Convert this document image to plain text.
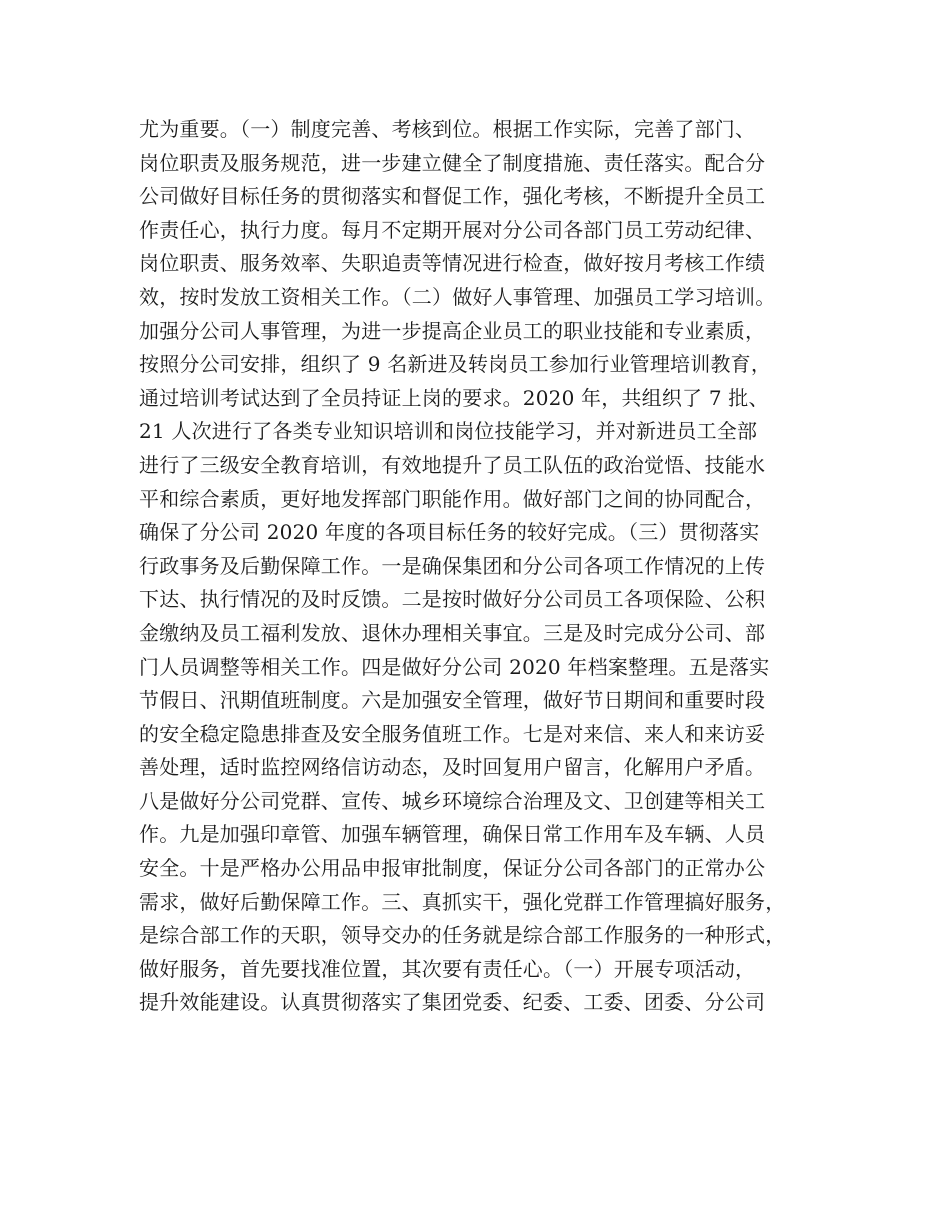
尤为重要。（一）制度完善、考核到位。根据工作实际，完善了部门、
岗位职责及服务规范，进一步建立健全了制度措施、责任落实。配合分
公司做好目标任务的贯彻落实和督促工作，强化考核，不断提升全员工
作责任心，执行力度。每月不定期开展对分公司各部门员工劳动纪律、
岗位职责、服务效率、失职追责等情况进行检查，做好按月考核工作绩
效，按时发放工资相关工作。（二）做好人事管理、加强员工学习培训。
加强分公司人事管理，为进一步提高企业员工的职业技能和专业素质，
按照分公司安排，组织了 9 名新进及转岗员工参加行业管理培训教育，
通过培训考试达到了全员持证上岗的要求。2020 年，共组织了 7 批、
21 人次进行了各类专业知识培训和岗位技能学习，并对新进员工全部
进行了三级安全教育培训，有效地提升了员工队伍的政治觉悟、技能水
平和综合素质，更好地发挥部门职能作用。做好部门之间的协同配合，
确保了分公司 2020 年度的各项目标任务的较好完成。（三）贯彻落实
行政事务及后勤保障工作。一是确保集团和分公司各项工作情况的上传
下达、执行情况的及时反馈。二是按时做好分公司员工各项保险、公积
金缴纳及员工福利发放、退休办理相关事宜。三是及时完成分公司、部
门人员调整等相关工作。四是做好分公司 2020 年档案整理。五是落实
节假日、汛期值班制度。六是加强安全管理，做好节日期间和重要时段
的安全稳定隐患排查及安全服务值班工作。七是对来信、来人和来访妥
善处理，适时监控网络信访动态，及时回复用户留言，化解用户矛盾。
八是做好分公司党群、宣传、城乡环境综合治理及文、卫创建等相关工
作。九是加强印章管、加强车辆管理，确保日常工作用车及车辆、人员
安全。十是严格办公用品申报审批制度，保证分公司各部门的正常办公
需求，做好后勤保障工作。三、真抓实干，强化党群工作管理搞好服务，
是综合部工作的天职，领导交办的任务就是综合部工作服务的一种形式，
做好服务，首先要找准位置，其次要有责任心。（一）开展专项活动，
提升效能建设。认真贯彻落实了集团党委、纪委、工委、团委、分公司
